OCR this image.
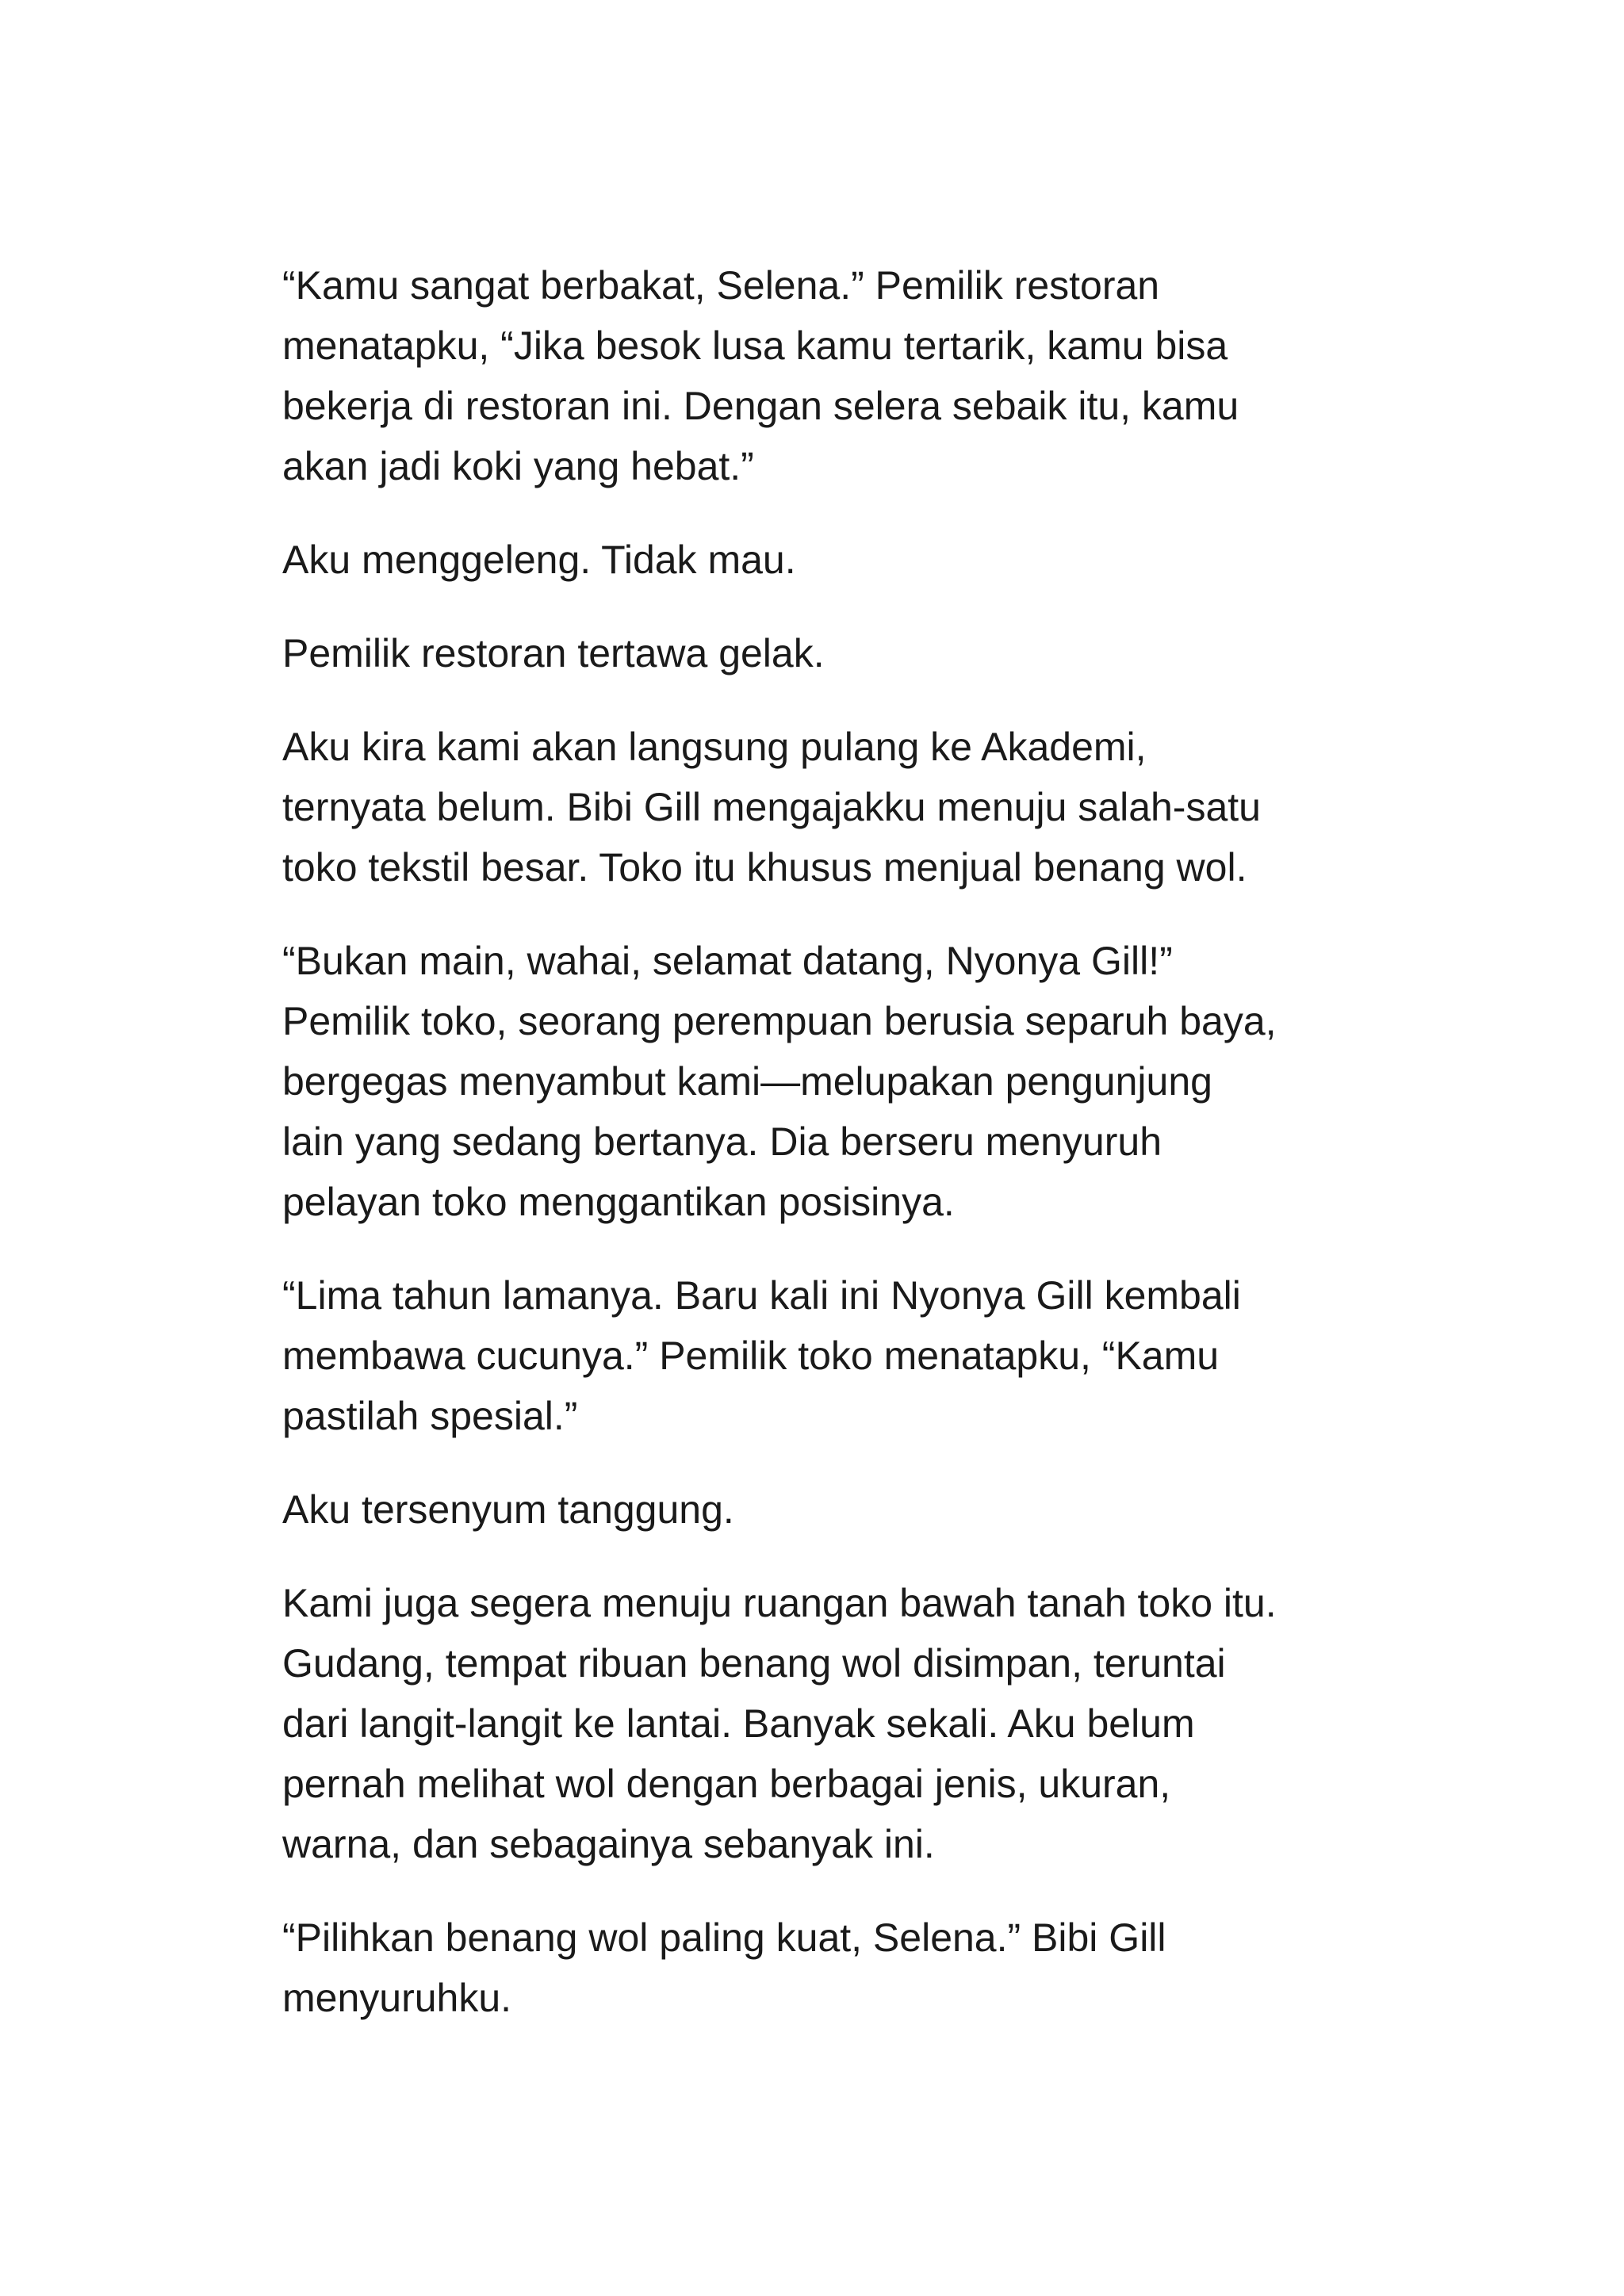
“Kamu sangat berbakat, Selena.” Pemilik restoran
menatapku, “Jika besok lusa kamu tertarik, kamu bisa
bekerja di restoran ini. Dengan selera sebaik itu, kamu
akan jadi koki yang hebat.”

Aku menggeleng. Tidak mau.

Pemilik restoran tertawa gelak.

Aku kira kami akan langsung pulang ke Akademi,
ternyata belum. Bibi Gill mengajakku menuju salah-satu
toko tekstil besar. Toko itu khusus menjual benang wol.

“Bukan main, wahai, selamat datang, Nyonya Gill!”
Pemilik toko, seorang perempuan berusia separuh baya,
bergegas menyambut kami—melupakan pengunjung
lain yang sedang bertanya. Dia berseru menyuruh
pelayan toko menggantikan posisinya.

“Lima tahun lamanya. Baru kali ini Nyonya Gill kembali
membawa cucunya.” Pemilik toko menatapku, “Kamu
pastilah spesial.”

Aku tersenyum tanggung.

Kami juga segera menuju ruangan bawah tanah toko itu.
Gudang, tempat ribuan benang wol disimpan, teruntai
dari langit-langit ke lantai. Banyak sekali. Aku belum
pernah melihat wol dengan berbagai jenis, ukuran,
warna, dan sebagainya sebanyak ini.

“Pilihkan benang wol paling kuat, Selena.” Bibi Gill
menyuruhku.
